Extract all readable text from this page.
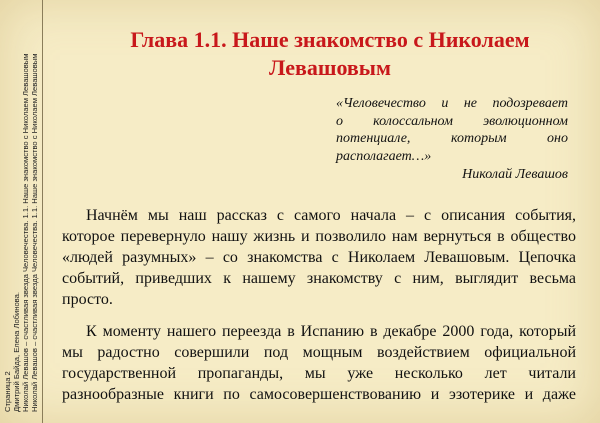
Страница 2 Дмитрий Байда, Елена Лобинова. Николай Левашов – счастливая звезда Человечества. 1.1. Наше знакомство с Николаем Левашовым Николай Левашов – счастливая звезда Человечества. 1.1. Наше знакомство с Николаем Левашовым
Глава 1.1. Наше знакомство с Николаем
Левашовым
«Человечество и не подозревает
о колоссальном эволюционном
потенциале, которым оно
располагает…»
Николай Левашов
Начнём мы наш рассказ с самого начала – с описания события,
которое перевернуло нашу жизнь и позволило нам вернуться в общество
«людей разумных» – со знакомства с Николаем Левашовым. Цепочка
событий, приведших к нашему знакомству с ним, выглядит весьма
просто.
К моменту нашего переезда в Испанию в декабре 2000 года, который
мы радостно совершили под мощным воздействием официальной
государственной пропаганды, мы уже несколько лет читали
разнообразные книги по самосовершенствованию и эзотерике и даже
